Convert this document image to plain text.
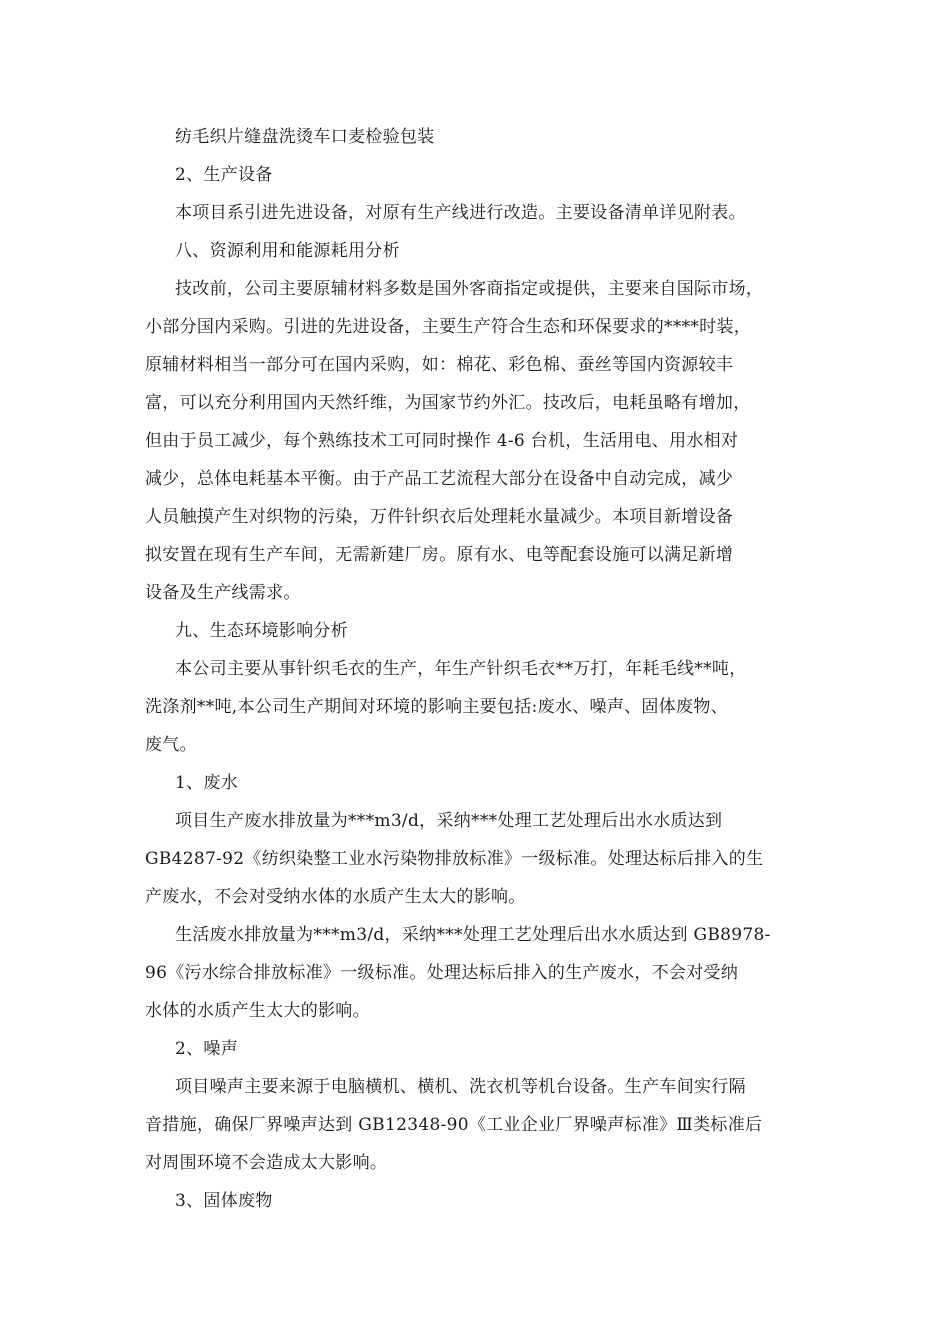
纺毛织片缝盘洗烫车口麦检验包装
2、生产设备
本项目系引进先进设备，对原有生产线进行改造。主要设备清单详见附表。
八、资源利用和能源耗用分析
技改前，公司主要原辅材料多数是国外客商指定或提供，主要来自国际市场，
小部分国内采购。引进的先进设备，主要生产符合生态和环保要求的****时装，
原辅材料相当一部分可在国内采购，如：棉花、彩色棉、蚕丝等国内资源较丰
富，可以充分利用国内天然纤维，为国家节约外汇。技改后，电耗虽略有增加，
但由于员工减少，每个熟练技术工可同时操作 4-6 台机，生活用电、用水相对
减少，总体电耗基本平衡。由于产品工艺流程大部分在设备中自动完成，减少
人员触摸产生对织物的污染，万件针织衣后处理耗水量减少。本项目新增设备
拟安置在现有生产车间，无需新建厂房。原有水、电等配套设施可以满足新增
设备及生产线需求。
九、生态环境影响分析
本公司主要从事针织毛衣的生产，年生产针织毛衣**万打，年耗毛线**吨，
洗涤剂**吨,本公司生产期间对环境的影响主要包括:废水、噪声、固体废物、
废气。
1、废水
项目生产废水排放量为***m3/d，采纳***处理工艺处理后出水水质达到
GB4287-92《纺织染整工业水污染物排放标准》一级标准。处理达标后排入的生
产废水，不会对受纳水体的水质产生太大的影响。
生活废水排放量为***m3/d，采纳***处理工艺处理后出水水质达到 GB8978-
96《污水综合排放标准》一级标准。处理达标后排入的生产废水，不会对受纳
水体的水质产生太大的影响。
2、噪声
项目噪声主要来源于电脑横机、横机、洗衣机等机台设备。生产车间实行隔
音措施，确保厂界噪声达到 GB12348-90《工业企业厂界噪声标准》Ⅲ类标准后
对周围环境不会造成太大影响。
3、固体废物
